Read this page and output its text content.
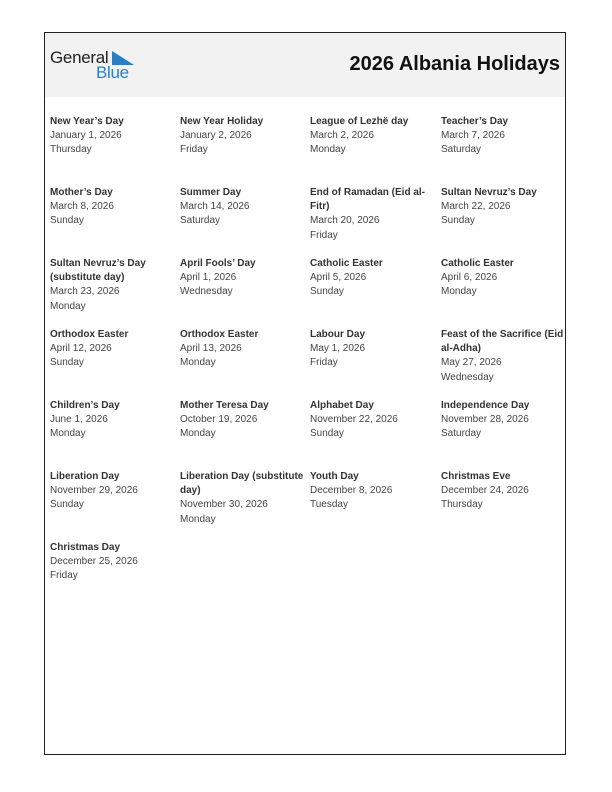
General
Blue	2026 Albania Holidays
New Year’s Day
January 1, 2026
Thursday
New Year Holiday
January 2, 2026
Friday
League of Lezhë day
March 2, 2026
Monday
Teacher’s Day
March 7, 2026
Saturday
Mother’s Day
March 8, 2026
Sunday
Summer Day
March 14, 2026
Saturday
End of Ramadan (Eid al-Fitr)
March 20, 2026
Friday
Sultan Nevruz’s Day
March 22, 2026
Sunday
Sultan Nevruz’s Day (substitute day)
March 23, 2026
Monday
April Fools’ Day
April 1, 2026
Wednesday
Catholic Easter
April 5, 2026
Sunday
Catholic Easter
April 6, 2026
Monday
Orthodox Easter
April 12, 2026
Sunday
Orthodox Easter
April 13, 2026
Monday
Labour Day
May 1, 2026
Friday
Feast of the Sacrifice (Eid al-Adha)
May 27, 2026
Wednesday
Children’s Day
June 1, 2026
Monday
Mother Teresa Day
October 19, 2026
Monday
Alphabet Day
November 22, 2026
Sunday
Independence Day
November 28, 2026
Saturday
Liberation Day
November 29, 2026
Sunday
Liberation Day (substitute day)
November 30, 2026
Monday
Youth Day
December 8, 2026
Tuesday
Christmas Eve
December 24, 2026
Thursday
Christmas Day
December 25, 2026
Friday
